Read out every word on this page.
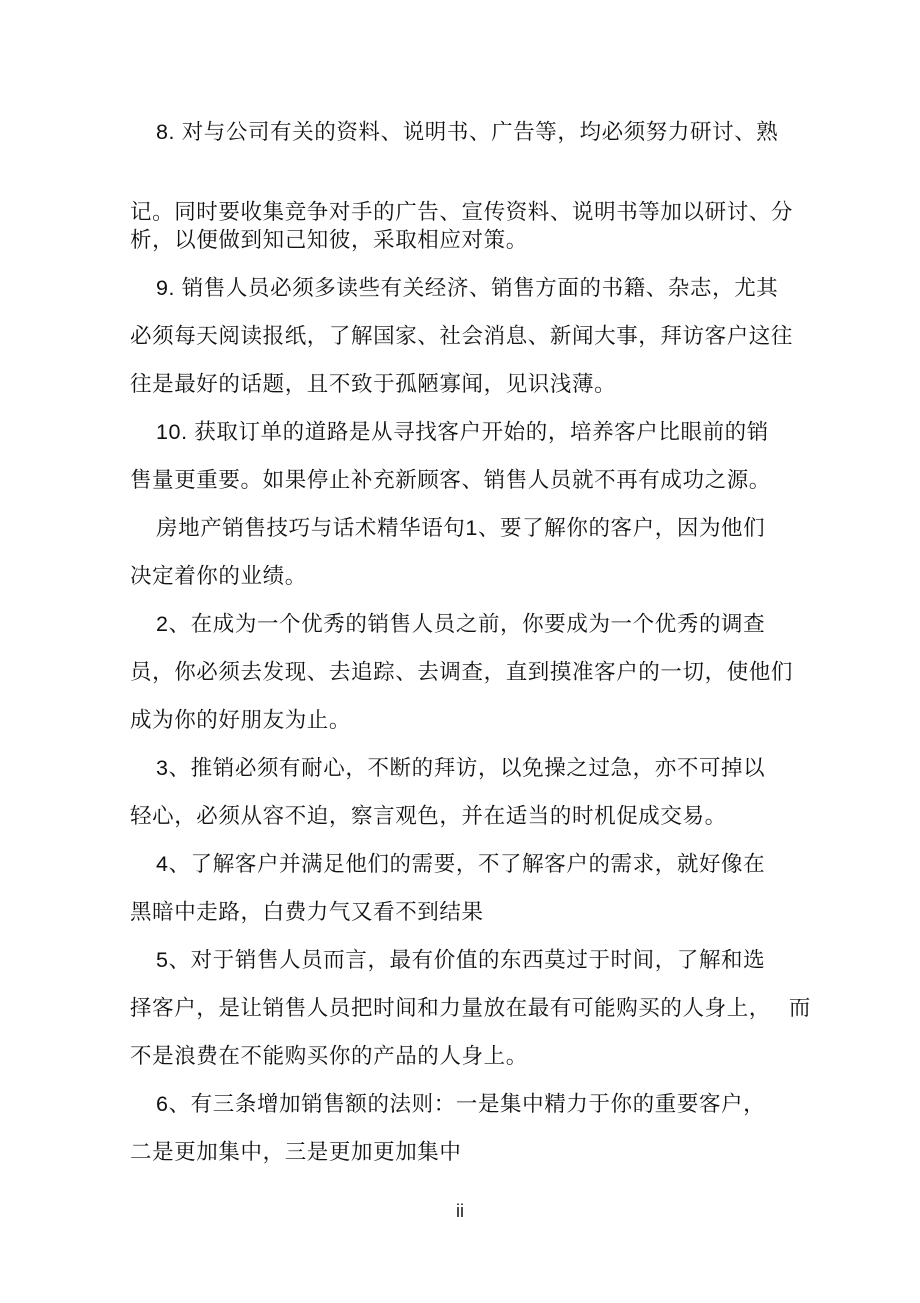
8. 对与公司有关的资料、说明书、广告等，均必须努力研讨、熟
记。同时要收集竞争对手的广告、宣传资料、说明书等加以研讨、分
析，以便做到知己知彼，采取相应对策。
9. 销售人员必须多读些有关经济、销售方面的书籍、杂志，尤其
必须每天阅读报纸，了解国家、社会消息、新闻大事，拜访客户这往
往是最好的话题，且不致于孤陋寡闻，见识浅薄。
10. 获取订单的道路是从寻找客户开始的，培养客户比眼前的销
售量更重要。如果停止补充新顾客、销售人员就不再有成功之源。
房地产销售技巧与话术精华语句1、要了解你的客户，因为他们
决定着你的业绩。
2、在成为一个优秀的销售人员之前，你要成为一个优秀的调查
员，你必须去发现、去追踪、去调查，直到摸准客户的一切，使他们
成为你的好朋友为止。
3、推销必须有耐心，不断的拜访，以免操之过急，亦不可掉以
轻心，必须从容不迫，察言观色，并在适当的时机促成交易。
4、了解客户并满足他们的需要，不了解客户的需求，就好像在
黑暗中走路，白费力气又看不到结果
5、对于销售人员而言，最有价值的东西莫过于时间，了解和选
择客户，是让销售人员把时间和力量放在最有可能购买的人身上，　 而
不是浪费在不能购买你的产品的人身上。
6、有三条增加销售额的法则：一是集中精力于你的重要客户，
二是更加集中，三是更加更加集中
ii
